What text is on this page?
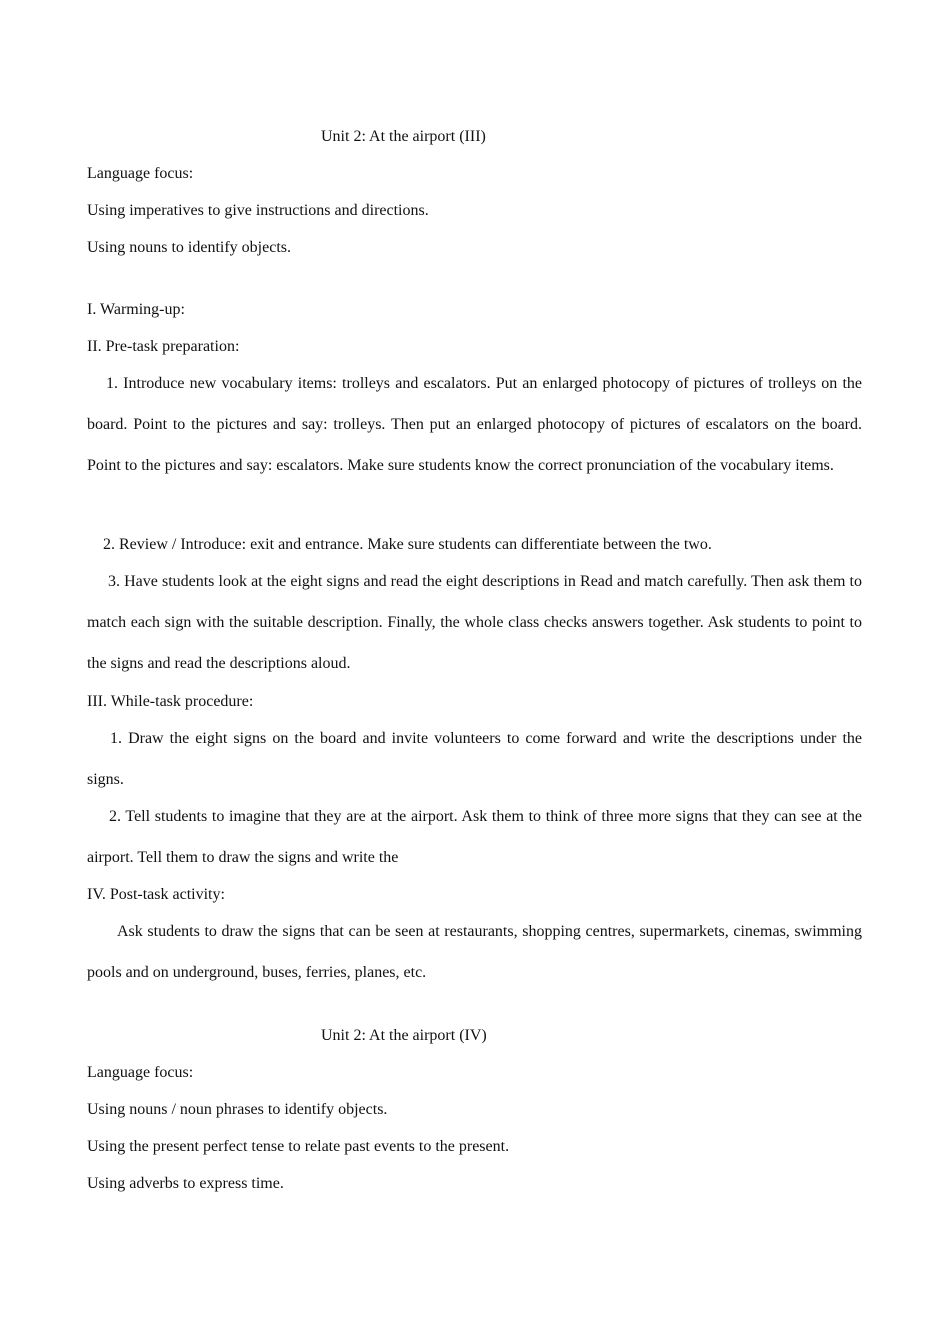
Unit 2: At the airport (III)
Language focus:
Using imperatives to give instructions and directions.
Using nouns to identify objects.
I. Warming-up:
II. Pre-task preparation:
1. Introduce new vocabulary items: trolleys and escalators. Put an enlarged photocopy of pictures of trolleys on the board. Point to the pictures and say: trolleys. Then put an enlarged photocopy of pictures of escalators on the board. Point to the pictures and say: escalators. Make sure students know the correct pronunciation of the vocabulary items.
2. Review / Introduce: exit and entrance. Make sure students can differentiate between the two.
3. Have students look at the eight signs and read the eight descriptions in Read and match carefully. Then ask them to match each sign with the suitable description. Finally, the whole class checks answers together. Ask students to point to the signs and read the descriptions aloud.
III. While-task procedure:
1. Draw the eight signs on the board and invite volunteers to come forward and write the descriptions under the signs.
2. Tell students to imagine that they are at the airport. Ask them to think of three more signs that they can see at the airport. Tell them to draw the signs and write the
IV. Post-task activity:
Ask students to draw the signs that can be seen at restaurants, shopping centres, supermarkets, cinemas, swimming pools and on underground, buses, ferries, planes, etc.
Unit 2: At the airport (IV)
Language focus:
Using nouns / noun phrases to identify objects.
Using the present perfect tense to relate past events to the present.
Using adverbs to express time.
